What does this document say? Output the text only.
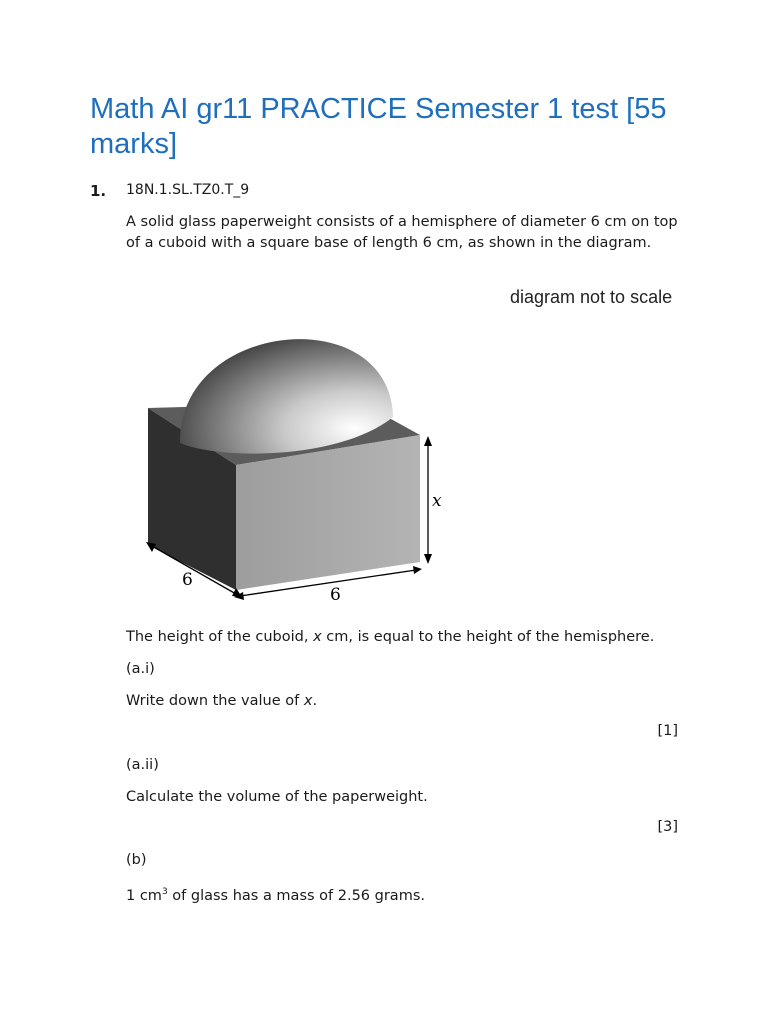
Math AI gr11 PRACTICE Semester 1 test [55 marks]
1. 18N.1.SL.TZ0.T_9

A solid glass paperweight consists of a hemisphere of diameter 6 cm on top of a cuboid with a square base of length 6 cm, as shown in the diagram.

diagram not to scale
x
6
6

The height of the cuboid, x cm, is equal to the height of the hemisphere.

(a.i)

Write down the value of x.

[1]

(a.ii)

Calculate the volume of the paperweight.

[3]

(b)

1 $cm^3$ of glass has a mass of 2.56 grams.
